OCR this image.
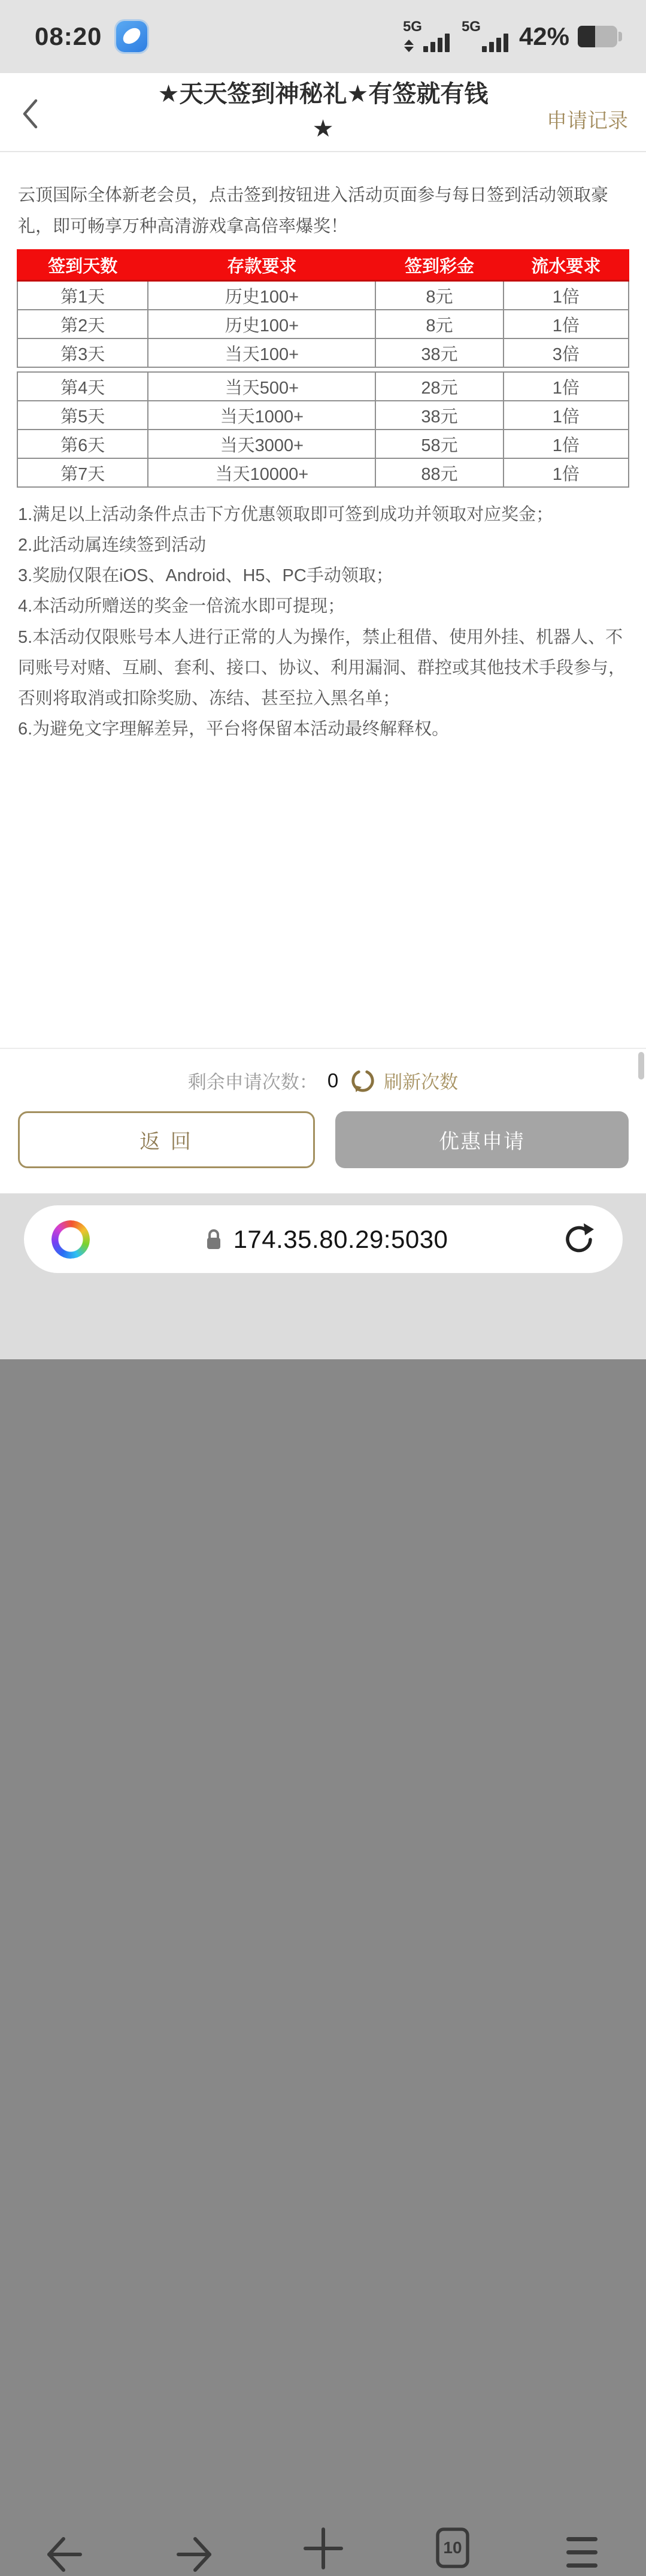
08:20	5G	5G 42%
★天天签到神秘礼★有签就有钱★	申请记录

云顶国际全体新老会员，点击签到按钮进入活动页面参与每日签到活动领取豪礼，即可畅享万种高清游戏拿高倍率爆奖！

签到天数	存款要求	签到彩金	流水要求
第1天	历史100+	8元	1倍
第2天	历史100+	8元	1倍
第3天	当天100+	38元	3倍
第4天	当天500+	28元	1倍
第5天	当天1000+	38元	1倍
第6天	当天3000+	58元	1倍
第7天	当天10000+	88元	1倍

1.满足以上活动条件点击下方优惠领取即可签到成功并领取对应奖金；

2.此活动属连续签到活动

3.奖励仅限在iOS、Android、H5、PC手动领取；

4.本活动所赠送的奖金一倍流水即可提现；

5.本活动仅限账号本人进行正常的人为操作，禁止租借、使用外挂、机器人、不同账号对赌、互刷、套利、接口、协议、利用漏洞、群控或其他技术手段参与，否则将取消或扣除奖励、冻结、甚至拉入黑名单；

6.为避免文字理解差异，平台将保留本活动最终解释权。

剩余申请次数： 0 刷新次数
返 回	优惠申请
174.35.80.29:5030
10
